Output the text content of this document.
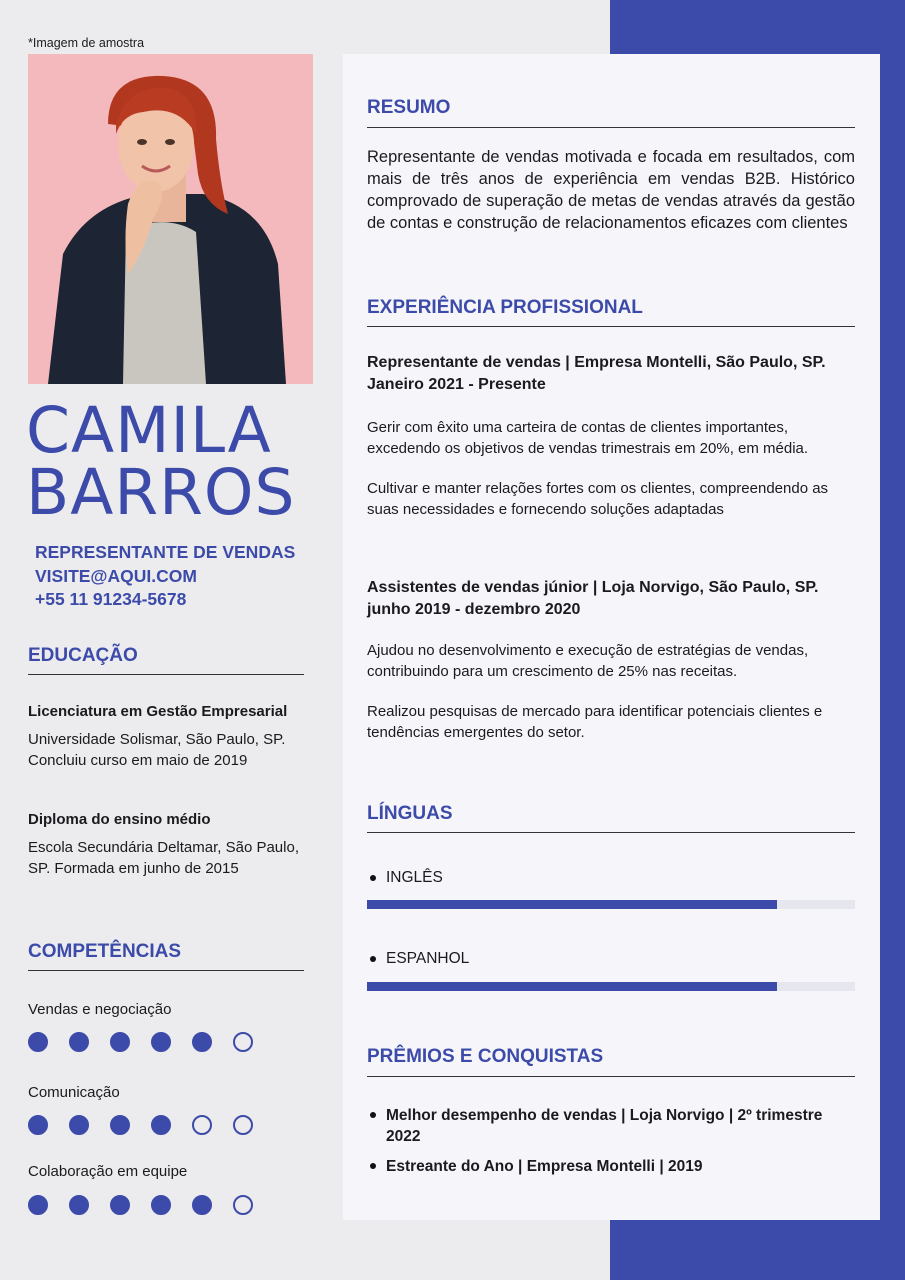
*Imagem de amostra
CAMILA
BARROS
REPRESENTANTE DE VENDAS
VISITE@AQUI.COM
+55 11 91234-5678
EDUCAÇÃO
Licenciatura em Gestão Empresarial
Universidade Solismar, São Paulo, SP. Concluiu curso em maio de 2019
Diploma do ensino médio
Escola Secundária Deltamar, São Paulo, SP. Formada em junho de 2015
COMPETÊNCIAS
Vendas e negociação
Comunicação
Colaboração em equipe
RESUMO
Representante de vendas motivada e focada em resultados, com mais de três anos de experiência em vendas B2B. Histórico comprovado de superação de metas de vendas através da gestão de contas e construção de relacionamentos eficazes com clientes
EXPERIÊNCIA PROFISSIONAL
Representante de vendas | Empresa Montelli, São Paulo, SP.
Janeiro 2021 - Presente
Gerir com êxito uma carteira de contas de clientes importantes, excedendo os objetivos de vendas trimestrais em 20%, em média.
Cultivar e manter relações fortes com os clientes, compreendendo as suas necessidades e fornecendo soluções adaptadas
Assistentes de vendas júnior | Loja Norvigo, São Paulo, SP.
junho 2019 - dezembro 2020
Ajudou no desenvolvimento e execução de estratégias de vendas, contribuindo para um crescimento de 25% nas receitas.
Realizou pesquisas de mercado para identificar potenciais clientes e tendências emergentes do setor.
LÍNGUAS
INGLÊS
ESPANHOL
PRÊMIOS E CONQUISTAS
Melhor desempenho de vendas | Loja Norvigo | 2º trimestre 2022
Estreante do Ano | Empresa Montelli | 2019
